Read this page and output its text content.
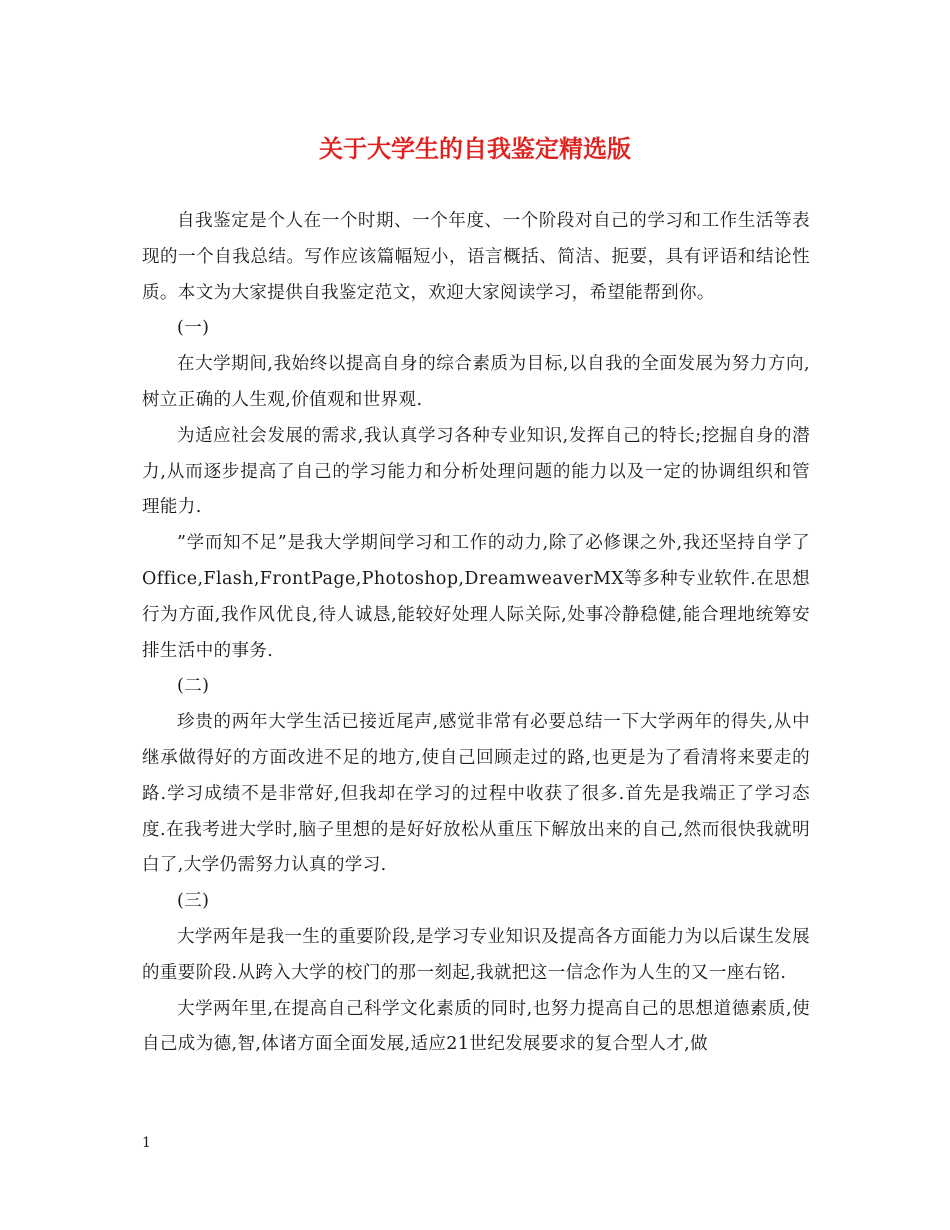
关于大学生的自我鉴定精选版

自我鉴定是个人在一个时期、一个年度、一个阶段对自己的学习和工作生活等表现的一个自我总结。写作应该篇幅短小，语言概括、简洁、扼要，具有评语和结论性质。本文为大家提供自我鉴定范文，欢迎大家阅读学习，希望能帮到你。

(一)

在大学期间,我始终以提高自身的综合素质为目标,以自我的全面发展为努力方向,树立正确的人生观,价值观和世界观.

为适应社会发展的需求,我认真学习各种专业知识,发挥自己的特长;挖掘自身的潜力,从而逐步提高了自己的学习能力和分析处理问题的能力以及一定的协调组织和管理能力.

”学而知不足”是我大学期间学习和工作的动力,除了必修课之外,我还坚持自学了Office,Flash,FrontPage,Photoshop,DreamweaverMX等多种专业软件.在思想行为方面,我作风优良,待人诚恳,能较好处理人际关际,处事冷静稳健,能合理地统筹安排生活中的事务.

(二)

珍贵的两年大学生活已接近尾声,感觉非常有必要总结一下大学两年的得失,从中继承做得好的方面改进不足的地方,使自己回顾走过的路,也更是为了看清将来要走的路.学习成绩不是非常好,但我却在学习的过程中收获了很多.首先是我端正了学习态度.在我考进大学时,脑子里想的是好好放松从重压下解放出来的自己,然而很快我就明白了,大学仍需努力认真的学习.

(三)

大学两年是我一生的重要阶段,是学习专业知识及提高各方面能力为以后谋生发展的重要阶段.从跨入大学的校门的那一刻起,我就把这一信念作为人生的又一座右铭.

大学两年里,在提高自己科学文化素质的同时,也努力提高自己的思想道德素质,使自己成为德,智,体诸方面全面发展,适应21世纪发展要求的复合型人才,做

1
